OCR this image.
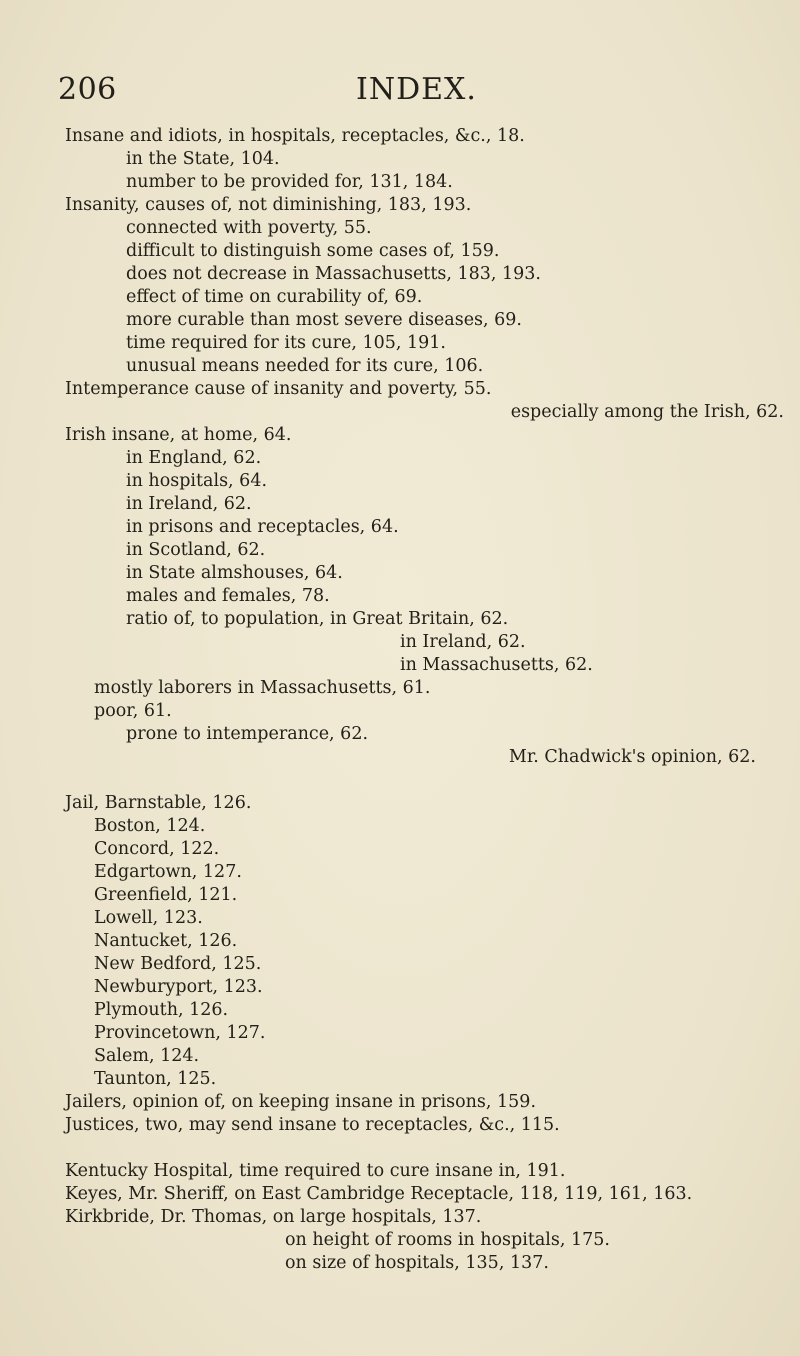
206	INDEX.
Insane and idiots, in hospitals, receptacles, &c., 18.
in the State, 104.
number to be provided for, 131, 184.
Insanity, causes of, not diminishing, 183, 193.
connected with poverty, 55.
difficult to distinguish some cases of, 159.
does not decrease in Massachusetts, 183, 193.
effect of time on curability of, 69.
more curable than most severe diseases, 69.
time required for its cure, 105, 191.
unusual means needed for its cure, 106.
Intemperance cause of insanity and poverty, 55.
especially among the Irish, 62.
Irish insane, at home, 64.
in England, 62.
in hospitals, 64.
in Ireland, 62.
in prisons and receptacles, 64.
in Scotland, 62.
in State almshouses, 64.
males and females, 78.
ratio of, to population, in Great Britain, 62.
in Ireland, 62.
in Massachusetts, 62.
mostly laborers in Massachusetts, 61.
poor, 61.
prone to intemperance, 62.
Mr. Chadwick's opinion, 62.
Jail, Barnstable, 126.
Boston, 124.
Concord, 122.
Edgartown, 127.
Greenfield, 121.
Lowell, 123.
Nantucket, 126.
New Bedford, 125.
Newburyport, 123.
Plymouth, 126.
Provincetown, 127.
Salem, 124.
Taunton, 125.
Jailers, opinion of, on keeping insane in prisons, 159.
Justices, two, may send insane to receptacles, &c., 115.
Kentucky Hospital, time required to cure insane in, 191.
Keyes, Mr. Sheriff, on East Cambridge Receptacle, 118, 119, 161, 163.
Kirkbride, Dr. Thomas, on large hospitals, 137.
on height of rooms in hospitals, 175.
on size of hospitals, 135, 137.
